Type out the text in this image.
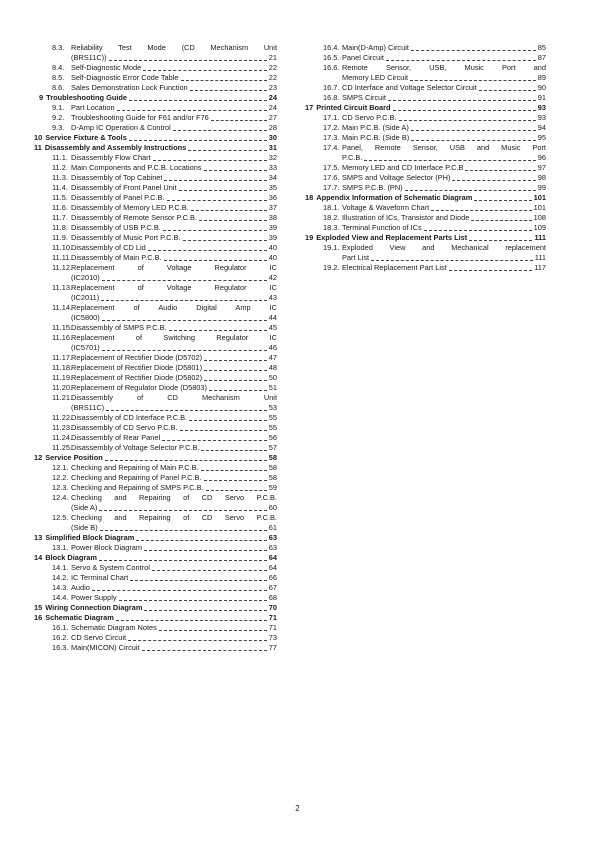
8.3. Reliability Test Mode (CD Mechanism Unit
(BRS11C))	21
8.4. Self-Diagnostic Mode	22
8.5. Self-Diagnostic Error Code Table	22
8.6. Sales Demonstration Lock Function	23
9 Troubleshooting Guide	24
9.1. Part Location	24
9.2. Troubleshooting Guide for F61 and/or F76	27
9.3. D-Amp IC Operation & Control	28
10 Service Fixture & Tools	30
11 Disassembly and Assembly Instructions	31
11.1. Disassembly Flow Chart	32
11.2. Main Components and P.C.B. Locations	33
11.3. Disassembly of Top Cabinet	34
11.4. Disassembly of Front Panel Unit	35
11.5. Disassembly of Panel P.C.B.	36
11.6. Disassembly of Memory LED P.C.B.	37
11.7. Disassembly of Remote Sensor P.C.B.	38
11.8. Disassembly of USB P.C.B.	39
11.9. Disassembly of Music Port P.C.B.	39
11.10. Disassembly of CD Lid	40
11.11. Disassembly of Main P.C.B.	40
11.12. Replacement of Voltage Regulator IC
(IC2010)	42
11.13. Replacement of Voltage Regulator IC
(IC2011)	43
11.14. Replacement of Audio Digital Amp IC
(IC5800)	44
11.15. Disassembly of SMPS P.C.B.	45
11.16. Replacement of Switching Regulator IC
(IC5701)	46
11.17. Replacement of Rectifier Diode (D5702)	47
11.18. Replacement of Rectifier Diode (D5801)	48
11.19. Replacement of Rectifier Diode (D5802)	50
11.20. Replacement of Regulator Diode (D5803)	51
11.21. Disassembly of CD Mechanism Unit
(BRS11C)	53
11.22. Disassembly of CD Interface P.C.B.	55
11.23. Disassembly of CD Servo P.C.B.	55
11.24. Disassembly of Rear Panel	56
11.25. Disassembly of Voltage Selector P.C.B.	57
12 Service Position	58
12.1. Checking and Repairing of Main P.C.B.	58
12.2. Checking and Repairing of Panel P.C.B.	58
12.3. Checking and Repairing of SMPS P.C.B.	59
12.4. Checking and Repairing of CD Servo P.C.B.
(Side A)	60
12.5. Checking and Repairing of CD Servo P.C.B.
(Side B)	61
13 Simplified Block Diagram	63
13.1. Power Block Diagram	63
14 Block Diagram	64
14.1. Servo & System Control	64
14.2. IC Terminal Chart	66
14.3. Audio	67
14.4. Power Supply	68
15 Wiring Connection Diagram	70
16 Schematic Diagram	71
16.1. Schematic Diagram Notes	71
16.2. CD Servo Circuit	73
16.3. Main(MICON) Circuit	77
16.4. Main(D-Amp) Circuit	85
16.5. Panel Circuit	87
16.6. Remote Sensor, USB, Music Port and
Memory LED Circuit	89
16.7. CD Interface and Voltage Selector Circuit	90
16.8. SMPS Circuit	91
17 Printed Circuit Board	93
17.1. CD Servo P.C.B.	93
17.2. Main P.C.B. (Side A)	94
17.3. Main P.C.B. (Side B)	95
17.4. Panel, Remote Sensor, USB and Music Port
P.C.B.	96
17.5. Memory LED and CD Interface P.C.B	97
17.6. SMPS and Voltage Selector (PH)	98
17.7. SMPS P.C.B. (PN)	99
18 Appendix Information of Schematic Diagram	101
18.1. Voltage & Waveform Chart	101
18.2. Illustration of ICs, Transistor and Diode	108
18.3. Terminal Function of ICs	109
19 Exploded View and Replacement Parts List	111
19.1. Exploded View and Mechanical replacement
Part List	111
19.2. Electrical Replacement Part List	117
2
